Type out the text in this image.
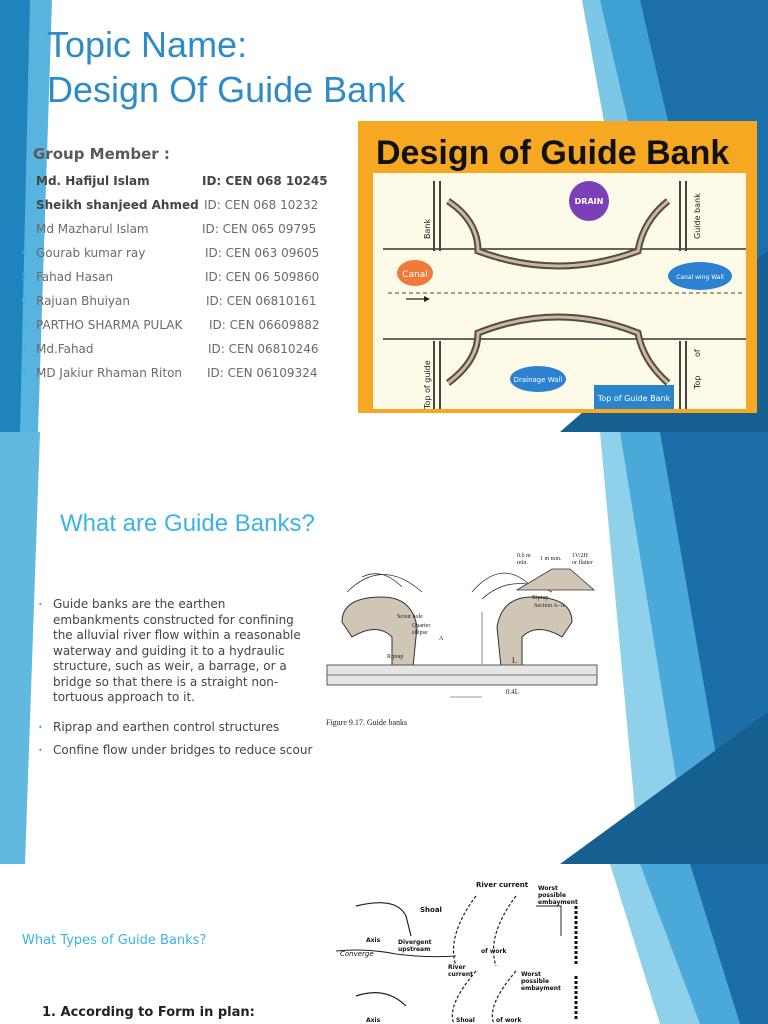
Topic Name:
Design Of Guide Bank
Group Member :
Md. Hafijul Islam	ID: CEN 068 10245
. Sheikh shanjeed Ahmed ID: CEN 068 10232
. Md Mazharul Islam	ID: CEN 065 09795
4. Gourab kumar ray	ID: CEN 063 09605
5. Fahad Hasan	ID: CEN 06 509860
6. Rajuan Bhuiyan	ID: CEN 06810161
7. PARTHO SHARMA PULAK ID: CEN 06609882
8. Md.Fahad	ID: CEN 06810246
9. MD Jakiur Rhaman Riton ID: CEN 06109324
Design of Guide Bank
DRAIN
Canal	Canal wing Wall
Drainage Wall
Top of Guide Bank
Bank	Guide bank
Top of guide	Top
of
What are Guide Banks?
• Guide banks are the earthen embankments constructed for confining the alluvial river flow within a reasonable waterway and guiding it to a hydraulic structure, such as weir, a barrage, or a bridge so that there is a straight non-tortuous approach to it.
• Riprap and earthen control structures
• Confine flow under bridges to reduce scour
0.4L
L
Scour hole
Quarter
ellipse
Riprap
A
0.6 m
min.
1 m min. 1V:2H
or flatter
Riprap
Section A–A
Figure 9.17. Guide banks
What Types of Guide Banks?
1. According to Form in plan:
River current Worst
possible
embayment
Shoal
Axis	Divergent
upstream	of work
Converge
River
current	Worst
possible
embayment
Axis	Shoal	of work
